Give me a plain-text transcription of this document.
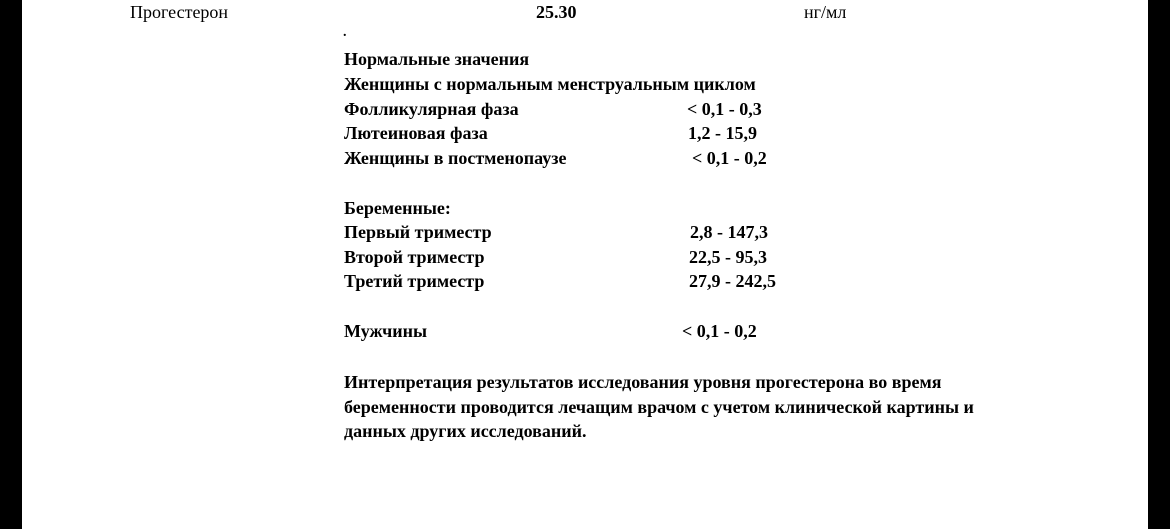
Прогестерон	25.30	нг/мл
.
Нормальные значения
Женщины с нормальным менструальным циклом
Фолликулярная фаза	< 0,1 - 0,3
Лютеиновая фаза	1,2 - 15,9
Женщины в постменопаузе	< 0,1 - 0,2
Беременные:
Первый триместр	2,8 - 147,3
Второй триместр	22,5 - 95,3
Третий триместр	27,9 - 242,5
Мужчины	< 0,1 - 0,2
Интерпретация результатов исследования уровня прогестерона во время беременности проводится лечащим врачом с учетом клинической картины и данных других исследований.
